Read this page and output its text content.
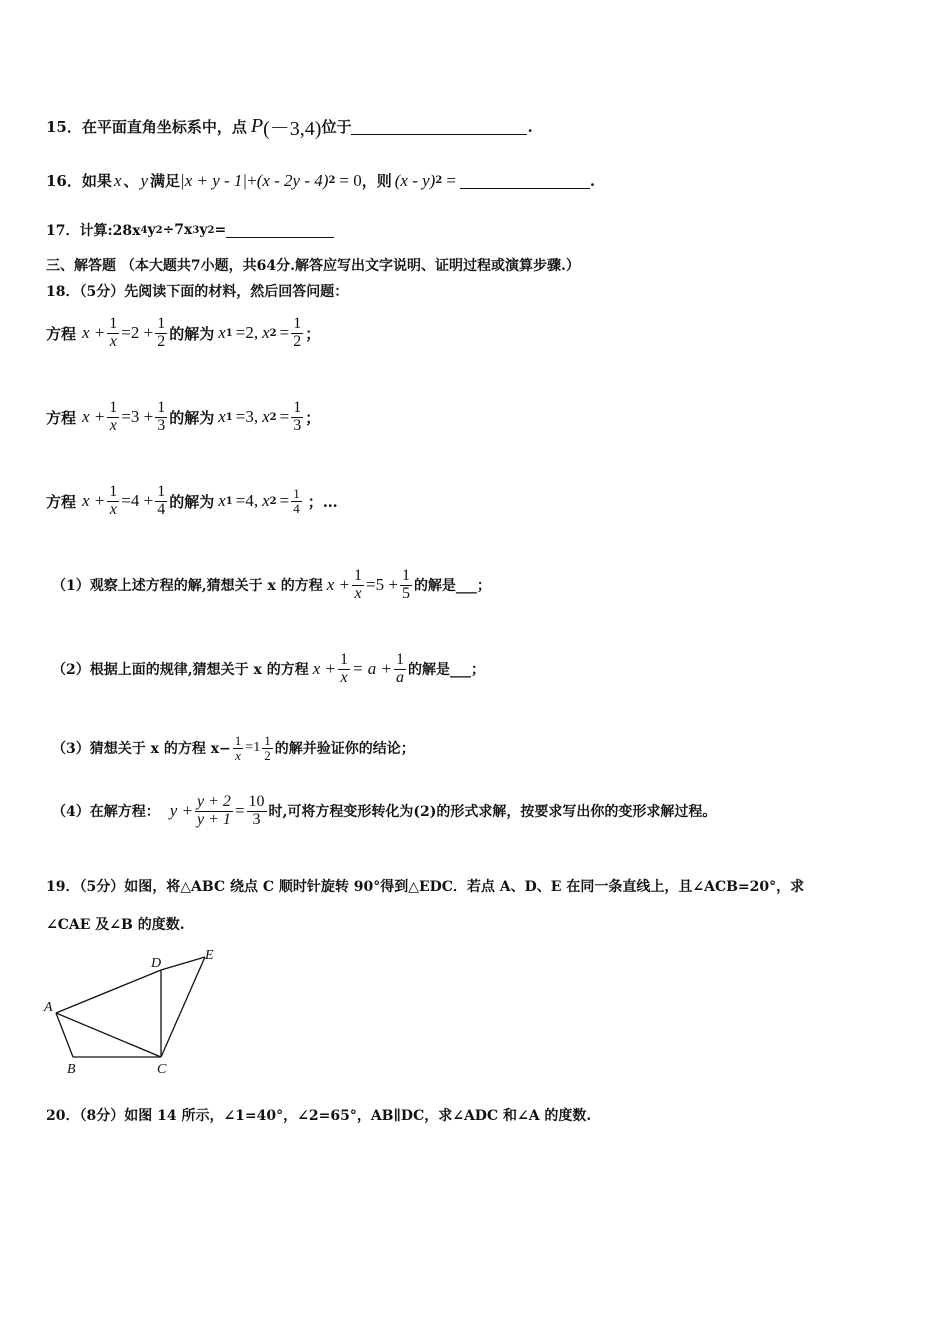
15． 在平面直角坐标系中，点 P (－3,4) 位于	.
16． 如果 x 、 y 满足 |x + y - 1| + (x - 2y - 4) 2 = 0 ，则 (x - y) 2 =	.
17． 计算:28x 4 y 2 ÷7x 3 y 2 =
三、解答题 （本大题共7小题，共64分.解答应写出文字说明、证明过程或演算步骤.）
18．（5分）先阅读下面的材料，然后回答问题：
方程 $x + \frac{1}{x} =2 + \frac{1}{2}$ 的解为 x 1 =2, x $2 = \frac{1}{2}$ ；
方程 $x + \frac{1}{x} =3 + \frac{1}{3}$ 的解为 x 1 =3, x $2 = \frac{1}{3}$ ；
方程 $x + \frac{1}{x} =4 + \frac{1}{4}$ 的解为 x 1 =4, x $2 = \frac{1}{4}$ ；…
（1）观察上述方程的解,猜想关于 x 的方程 $x + \frac{1}{x} =5 + \frac{1}{5}$ 的解是___；
（2）根据上面的规律,猜想关于 x 的方程 $x + \frac{1}{x} = a + \frac{1}{a}$ 的解是___；
（3）猜想关于 x 的方程 $x- \frac{1}{x} =1$ 1
2 的解并验证你的结论；
（4）在解方程： $y + \frac{y + 2}{y + 1} = \frac{10}{3}$ 时,可将方程变形转化为(2)的形式求解，按要求写出你的变形求解过程。
19．（5分）如图，将△ABC 绕点 C 顺时针旋转 90°得到△EDC．若点 A、D、E 在同一条直线上，且∠ACB=20°，求
∠CAE 及∠B 的度数.
A
B	C
D
E
20．（8分）如图 14 所示，∠1=40°，∠2=65°，AB∥DC，求∠ADC 和∠A 的度数.
